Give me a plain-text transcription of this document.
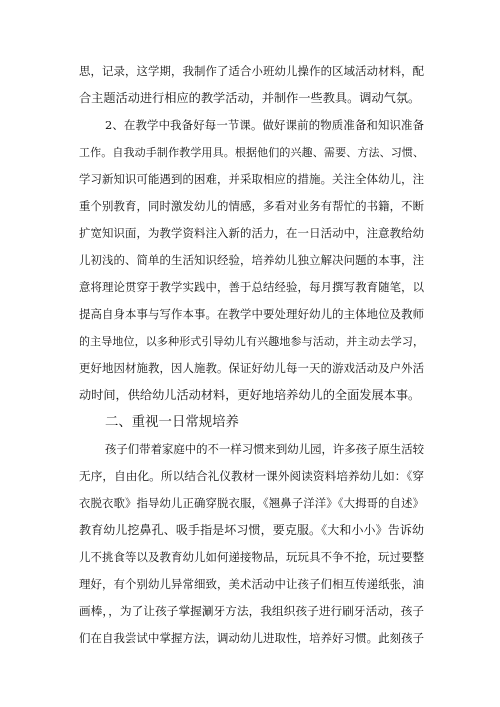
思，记录，这学期，我制作了适合小班幼儿操作的区域活动材料，配
合主题活动进行相应的教学活动，并制作一些教具。调动气氛。
2、在教学中我备好每一节课。做好课前的物质准备和知识准备
工作。自我动手制作教学用具。根据他们的兴趣、需要、方法、习惯、
学习新知识可能遇到的困难，并采取相应的措施。关注全体幼儿，注
重个别教育，同时激发幼儿的情感，多看对业务有帮忙的书籍，不断
扩宽知识面，为教学资料注入新的活力，在一日活动中，注意教给幼
儿初浅的、简单的生活知识经验，培养幼儿独立解决问题的本事，注
意将理论贯穿于教学实践中，善于总结经验，每月撰写教育随笔，以
提高自身本事与写作本事。在教学中要处理好幼儿的主体地位及教师
的主导地位，以多种形式引导幼儿有兴趣地参与活动，并主动去学习，
更好地因材施教，因人施教。保证好幼儿每一天的游戏活动及户外活
动时间，供给幼儿活动材料，更好地培养幼儿的全面发展本事。
二、重视一日常规培养
孩子们带着家庭中的不一样习惯来到幼儿园，许多孩子原生活较
无序，自由化。所以结合礼仪教材一课外阅读资料培养幼儿如：《穿
衣脱衣歌》指导幼儿正确穿脱衣服，《翘鼻子洋洋》《大拇哥的自述》
教育幼儿挖鼻孔、吸手指是坏习惯，要克服。《大和小小》告诉幼
儿不挑食等以及教育幼儿如何递接物品，玩玩具不争不抢，玩过要整
理好，有个别幼儿异常细致，美术活动中让孩子们相互传递纸张，油
画棒，，为了让孩子掌握涮牙方法，我组织孩子进行刷牙活动，孩子
们在自我尝试中掌握方法，调动幼儿进取性，培养好习惯。此刻孩子
